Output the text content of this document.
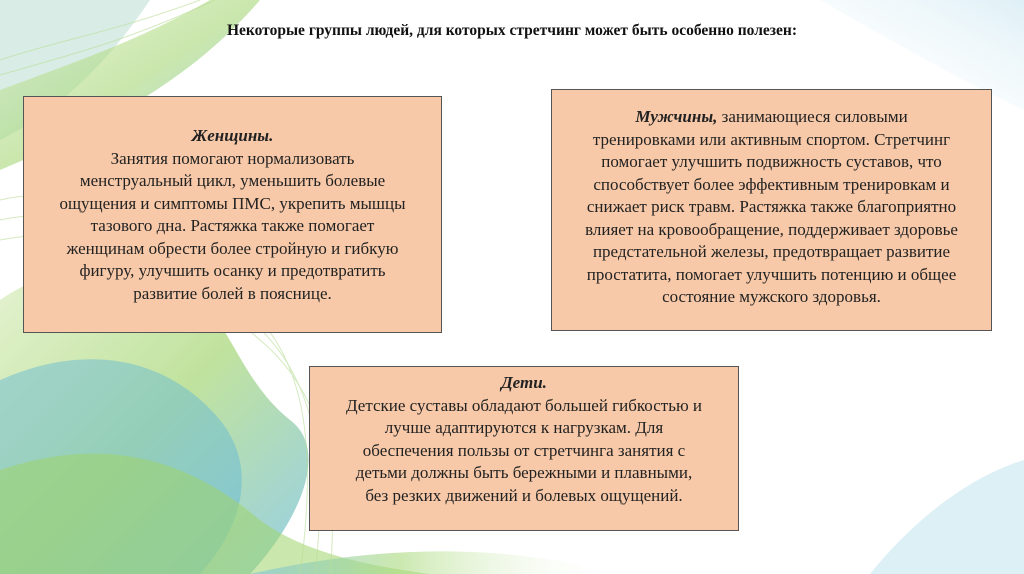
Некоторые группы людей, для которых стретчинг может быть особенно полезен:
Женщины.
Занятия помогают нормализовать
менструальный цикл, уменьшить болевые
ощущения и симптомы ПМС, укрепить мышцы
тазового дна. Растяжка также помогает
женщинам обрести более стройную и гибкую
фигуру, улучшить осанку и предотвратить
развитие болей в пояснице.
Мужчины, занимающиеся силовыми
тренировками или активным спортом. Стретчинг
помогает улучшить подвижность суставов, что
способствует более эффективным тренировкам и
снижает риск травм. Растяжка также благоприятно
влияет на кровообращение, поддерживает здоровье
предстательной железы, предотвращает развитие
простатита, помогает улучшить потенцию и общее
состояние мужского здоровья.
Дети.
Детские суставы обладают большей гибкостью и
лучше адаптируются к нагрузкам. Для
обеспечения пользы от стретчинга занятия с
детьми должны быть бережными и плавными,
без резких движений и болевых ощущений.
